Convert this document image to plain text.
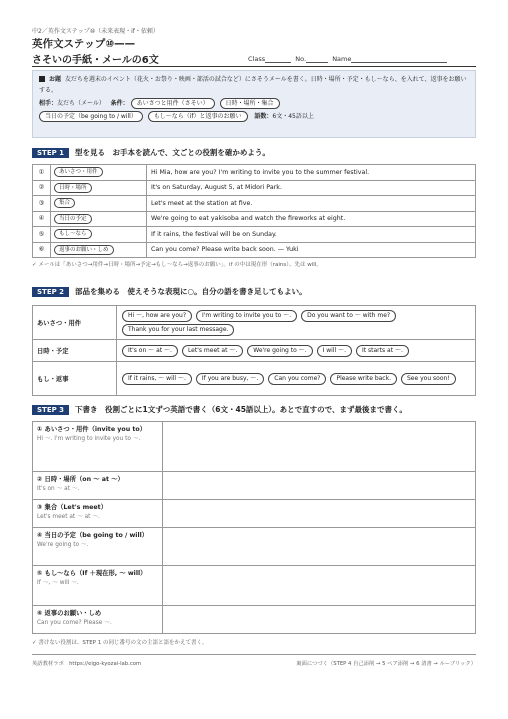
中2／英作文ステップ⑩（未来表現・if・依頼）
英作文ステップ⑩——
さそいの手紙・メールの6文	Class	No.	Name
お題 友だちを週末のイベント（花火・お祭り・映画・部活の試合など）にさそうメールを書く。日時・場所・予定・もし〜なら、を入れて、返事をお願いする。
相手：友だち（メール） 条件： あいさつと用件（さそい）	日時・場所・集合
当日の予定（be going to / will）	もし〜なら（if）と返事のお願い 語数：6文・45語以上
STEP 1 型を見る　お手本を読んで、文ごとの役割を確かめよう。
①	あいさつ・用件	Hi Mia, how are you? I'm writing to invite you to the summer festival.
②	日時・場所	It's on Saturday, August 5, at Midori Park.
③	集合	Let's meet at the station at five.
④	当日の予定	We're going to eat yakisoba and watch the fireworks at eight.
⑤	もし〜なら	If it rains, the festival will be on Sunday.
⑥	返事のお願い・しめ	Can you come? Please write back soon. — Yuki
✓ メールは「あいさつ→用件→日時・場所→予定→もし〜なら→返事のお願い」。if の中は現在形（rains）、先は will。
STEP 2 部品を集める　使えそうな表現に○。自分の語を書き足してもよい。
あいさつ・用件	Hi 〜, how are you? I'm writing to invite you to 〜. Do you want to 〜 with me?Thank you for your last message.
日時・予定	It's on 〜 at 〜. Let's meet at 〜. We're going to 〜. I will 〜. It starts at 〜.
もし・返事	If it rains, 〜 will 〜. If you are busy, 〜. Can you come? Please write back. See you soon!
STEP 3 下書き　役割ごとに1文ずつ英語で書く（6文・45語以上）。あとで直すので、まず最後まで書く。
① あいさつ・用件（invite you to）
Hi 〜. I'm writing to invite you to 〜.	

② 日時・場所（on 〜 at 〜）
It's on 〜 at 〜.	

③ 集合（Let's meet）
Let's meet at 〜 at 〜.	

④ 当日の予定（be going to / will）
We're going to 〜.	

⑤ もし〜なら（If ＋現在形, 〜 will）
If 〜, 〜 will 〜.	

⑥ 返事のお願い・しめ
Can you come? Please 〜.	

✓ 書けない役割は、STEP 1 の同じ番号の文の主語と語をかえて書く。
英語教材ラボ　https://eigo-kyozai-lab.com	裏面につづく（STEP 4 自己添削 → 5 ペア添削 → 6 清書 → ルーブリック）
